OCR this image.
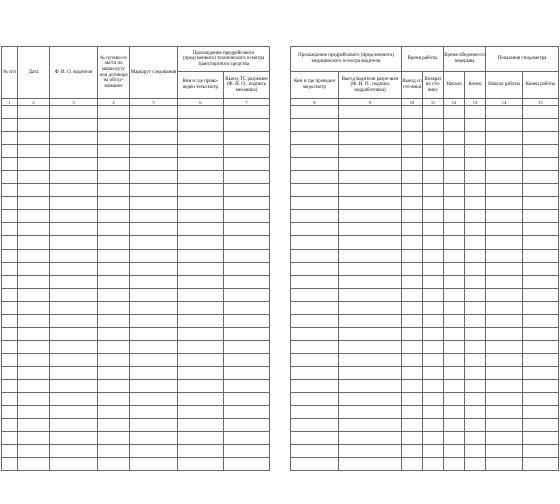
№ п/п	Дата	Ф. И. О. водителя	№ путево-го листа по марш-руту или договора на обслу-живание	Маршрут следования	Прохождение предрейсового (предсменного) технического осмотра транспортного средства	
					Кем и где прово-веден техосмотр	Выезд ТС разрешен (Ф. И. О., подпись механика)
1	2	3	4	5	6	7

Прохождение предрейсового (предсменного) медицинского осмотра водителя		Время работы		Время обеденно-го перерыва		Показания спидометра	
Кем и где проведен медосмотр	Выезд водителя разре-шен (Ф. И. О., подпись медработника)	Выезд со сто-янки	Возврат на сто-янку	Начало	Конец	Начало работы	Конец работы
8	9	10	11	12	13	14	15
